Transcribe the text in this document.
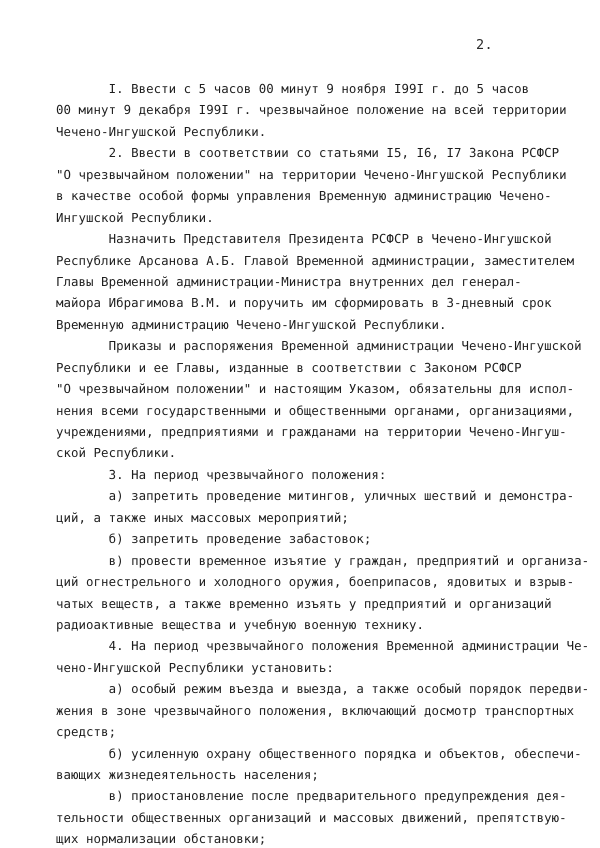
2.
I. Ввести с 5 часов 00 минут 9 ноября I99I г. до 5 часов
00 минут 9 декабря I99I г. чрезвычайное положение на всей территории
Чечено-Ингушской Республики.
2. Ввести в соответствии со статьями I5, I6, I7 Закона РСФСР
"О чрезвычайном положении" на территории Чечено-Ингушской Республики
в качестве особой формы управления Временную администрацию Чечено-
Ингушской Республики.
Назначить Представителя Президента РСФСР в Чечено-Ингушской
Республике Арсанова А.Б. Главой Временной администрации, заместителем
Главы Временной администрации-Министра внутренних дел генерал-
майора Ибрагимова В.М. и поручить им сформировать в 3-дневный срок
Временную администрацию Чечено-Ингушской Республики.
Приказы и распоряжения Временной администрации Чечено-Ингушской
Республики и ее Главы, изданные в соответствии с Законом РСФСР
"О чрезвычайном положении" и настоящим Указом, обязательны для испол-
нения всеми государственными и общественными органами, организациями,
учреждениями, предприятиями и гражданами на территории Чечено-Ингуш-
ской Республики.
3. На период чрезвычайного положения:
а) запретить проведение митингов, уличных шествий и демонстра-
ций, а также иных массовых мероприятий;
б) запретить проведение забастовок;
в) провести временное изъятие у граждан, предприятий и организа-
ций огнестрельного и холодного оружия, боеприпасов, ядовитых и взрыв-
чатых веществ, а также временно изъять у предприятий и организаций
радиоактивные вещества и учебную военную технику.
4. На период чрезвычайного положения Временной администрации Че-
чено-Ингушской Республики установить:
а) особый режим въезда и выезда, а также особый порядок передви-
жения в зоне чрезвычайного положения, включающий досмотр транспортных
средств;
б) усиленную охрану общественного порядка и объектов, обеспечи-
вающих жизнедеятельность населения;
в) приостановление после предварительного предупреждения дея-
тельности общественных организаций и массовых движений, препятствую-
щих нормализации обстановки;
